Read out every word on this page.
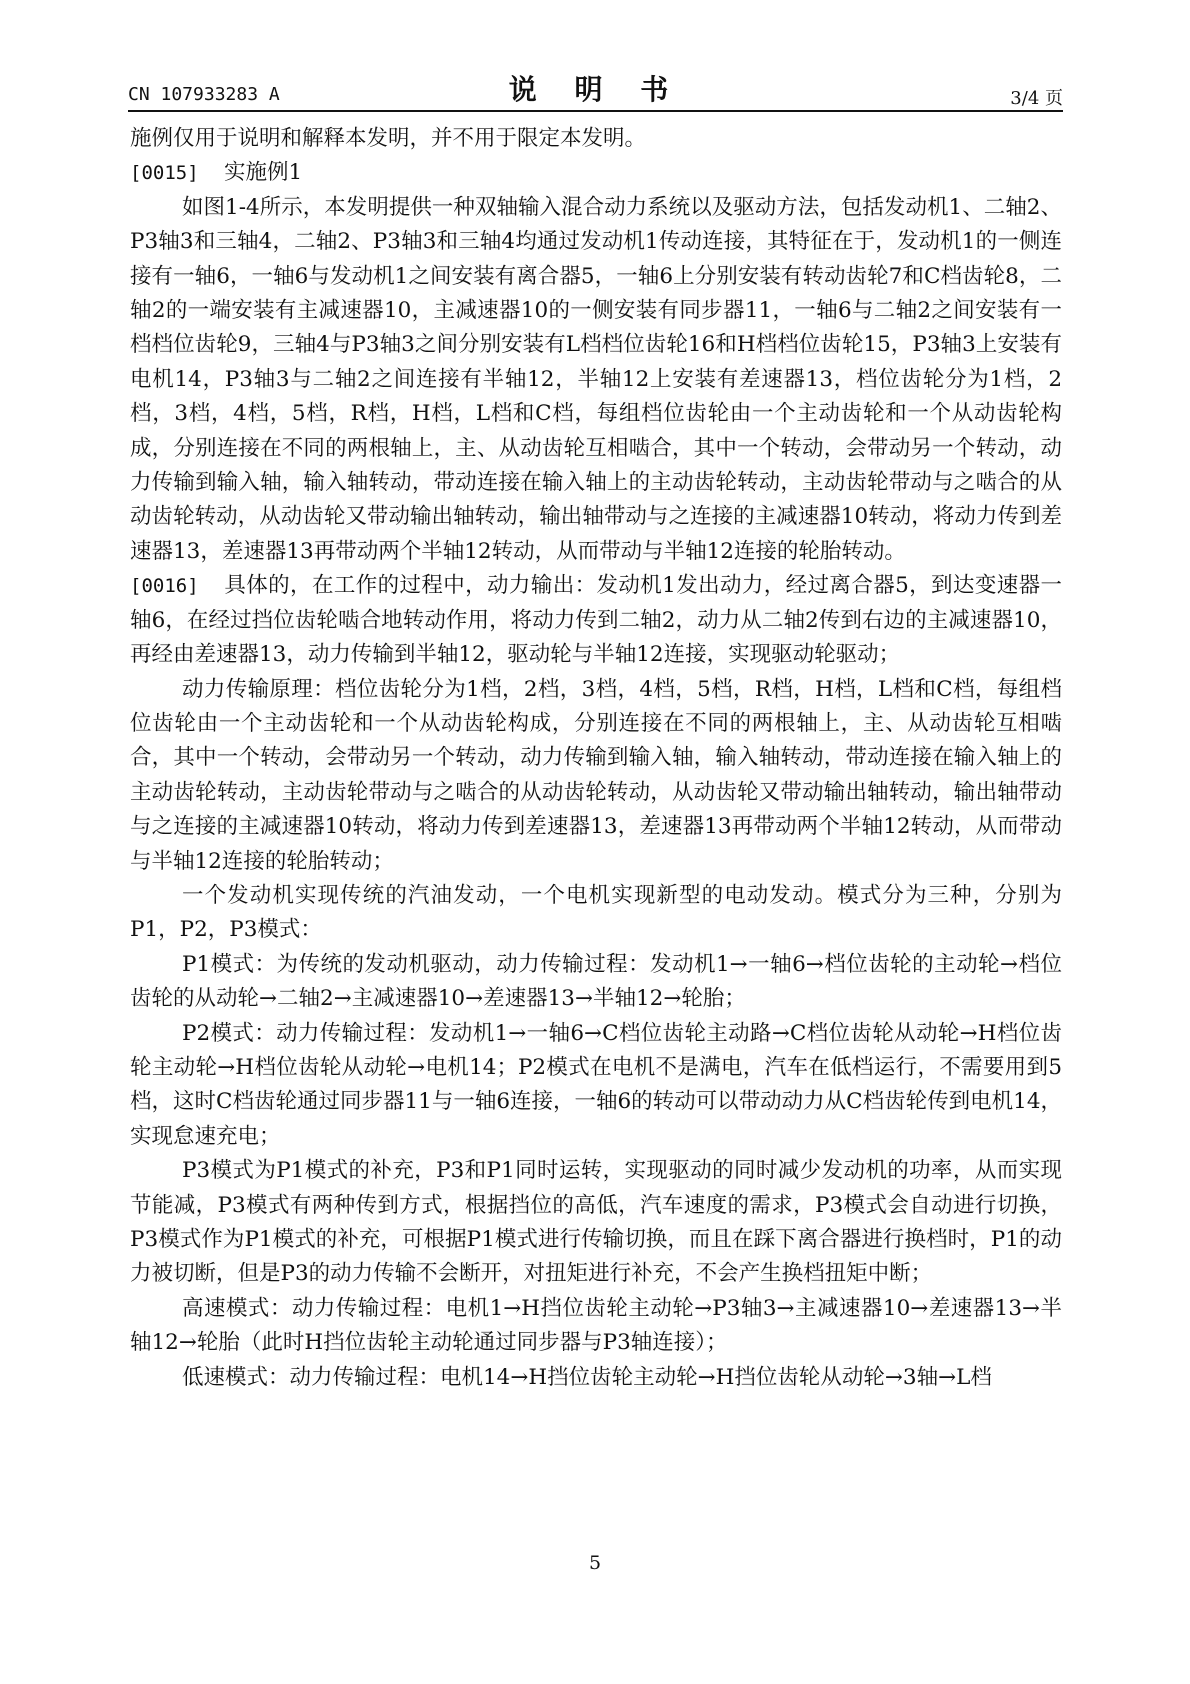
CN 107933283 A	说 明 书	3/4 页

施例仅用于说明和解释本发明，并不用于限定本发明。

[0015] 实施例1

如图1-4所示，本发明提供一种双轴输入混合动力系统以及驱动方法，包括发动机1、二轴2、P3轴3和三轴4，二轴2、P3轴3和三轴4均通过发动机1传动连接，其特征在于，发动机1的一侧连接有一轴6，一轴6与发动机1之间安装有离合器5，一轴6上分别安装有转动齿轮7和C档齿轮8，二轴2的一端安装有主减速器10，主减速器10的一侧安装有同步器11，一轴6与二轴2之间安装有一档档位齿轮9，三轴4与P3轴3之间分别安装有L档档位齿轮16和H档档位齿轮15，P3轴3上安装有电机14，P3轴3与二轴2之间连接有半轴12，半轴12上安装有差速器13，档位齿轮分为1档，2档，3档，4档，5档，R档，H档，L档和C档，每组档位齿轮由一个主动齿轮和一个从动齿轮构成，分别连接在不同的两根轴上，主、从动齿轮互相啮合，其中一个转动，会带动另一个转动，动力传输到输入轴，输入轴转动，带动连接在输入轴上的主动齿轮转动，主动齿轮带动与之啮合的从动齿轮转动，从动齿轮又带动输出轴转动，输出轴带动与之连接的主减速器10转动，将动力传到差速器13，差速器13再带动两个半轴12转动，从而带动与半轴12连接的轮胎转动。

[0016] 具体的，在工作的过程中，动力输出：发动机1发出动力，经过离合器5，到达变速器一轴6，在经过挡位齿轮啮合地转动作用，将动力传到二轴2，动力从二轴2传到右边的主减速器10，再经由差速器13，动力传输到半轴12，驱动轮与半轴12连接，实现驱动轮驱动；

动力传输原理：档位齿轮分为1档，2档，3档，4档，5档，R档，H档，L档和C档，每组档位齿轮由一个主动齿轮和一个从动齿轮构成，分别连接在不同的两根轴上，主、从动齿轮互相啮合，其中一个转动，会带动另一个转动，动力传输到输入轴，输入轴转动，带动连接在输入轴上的主动齿轮转动，主动齿轮带动与之啮合的从动齿轮转动，从动齿轮又带动输出轴转动，输出轴带动与之连接的主减速器10转动，将动力传到差速器13，差速器13再带动两个半轴12转动，从而带动与半轴12连接的轮胎转动；

一个发动机实现传统的汽油发动，一个电机实现新型的电动发动。模式分为三种，分别为P1，P2，P3模式：

P1模式：为传统的发动机驱动，动力传输过程：发动机1→一轴6→档位齿轮的主动轮→档位齿轮的从动轮→二轴2→主减速器10→差速器13→半轴12→轮胎；

P2模式：动力传输过程：发动机1→一轴6→C档位齿轮主动路→C档位齿轮从动轮→H档位齿轮主动轮→H档位齿轮从动轮→电机14；P2模式在电机不是满电，汽车在低档运行，不需要用到5档，这时C档齿轮通过同步器11与一轴6连接，一轴6的转动可以带动动力从C档齿轮传到电机14，实现怠速充电；

P3模式为P1模式的补充，P3和P1同时运转，实现驱动的同时减少发动机的功率，从而实现节能减，P3模式有两种传到方式，根据挡位的高低，汽车速度的需求，P3模式会自动进行切换，P3模式作为P1模式的补充，可根据P1模式进行传输切换，而且在踩下离合器进行换档时，P1的动力被切断，但是P3的动力传输不会断开，对扭矩进行补充，不会产生换档扭矩中断；

高速模式：动力传输过程：电机1→H挡位齿轮主动轮→P3轴3→主减速器10→差速器13→半轴12→轮胎（此时H挡位齿轮主动轮通过同步器与P3轴连接）；

低速模式：动力传输过程：电机14→H挡位齿轮主动轮→H挡位齿轮从动轮→3轴→L档

5
